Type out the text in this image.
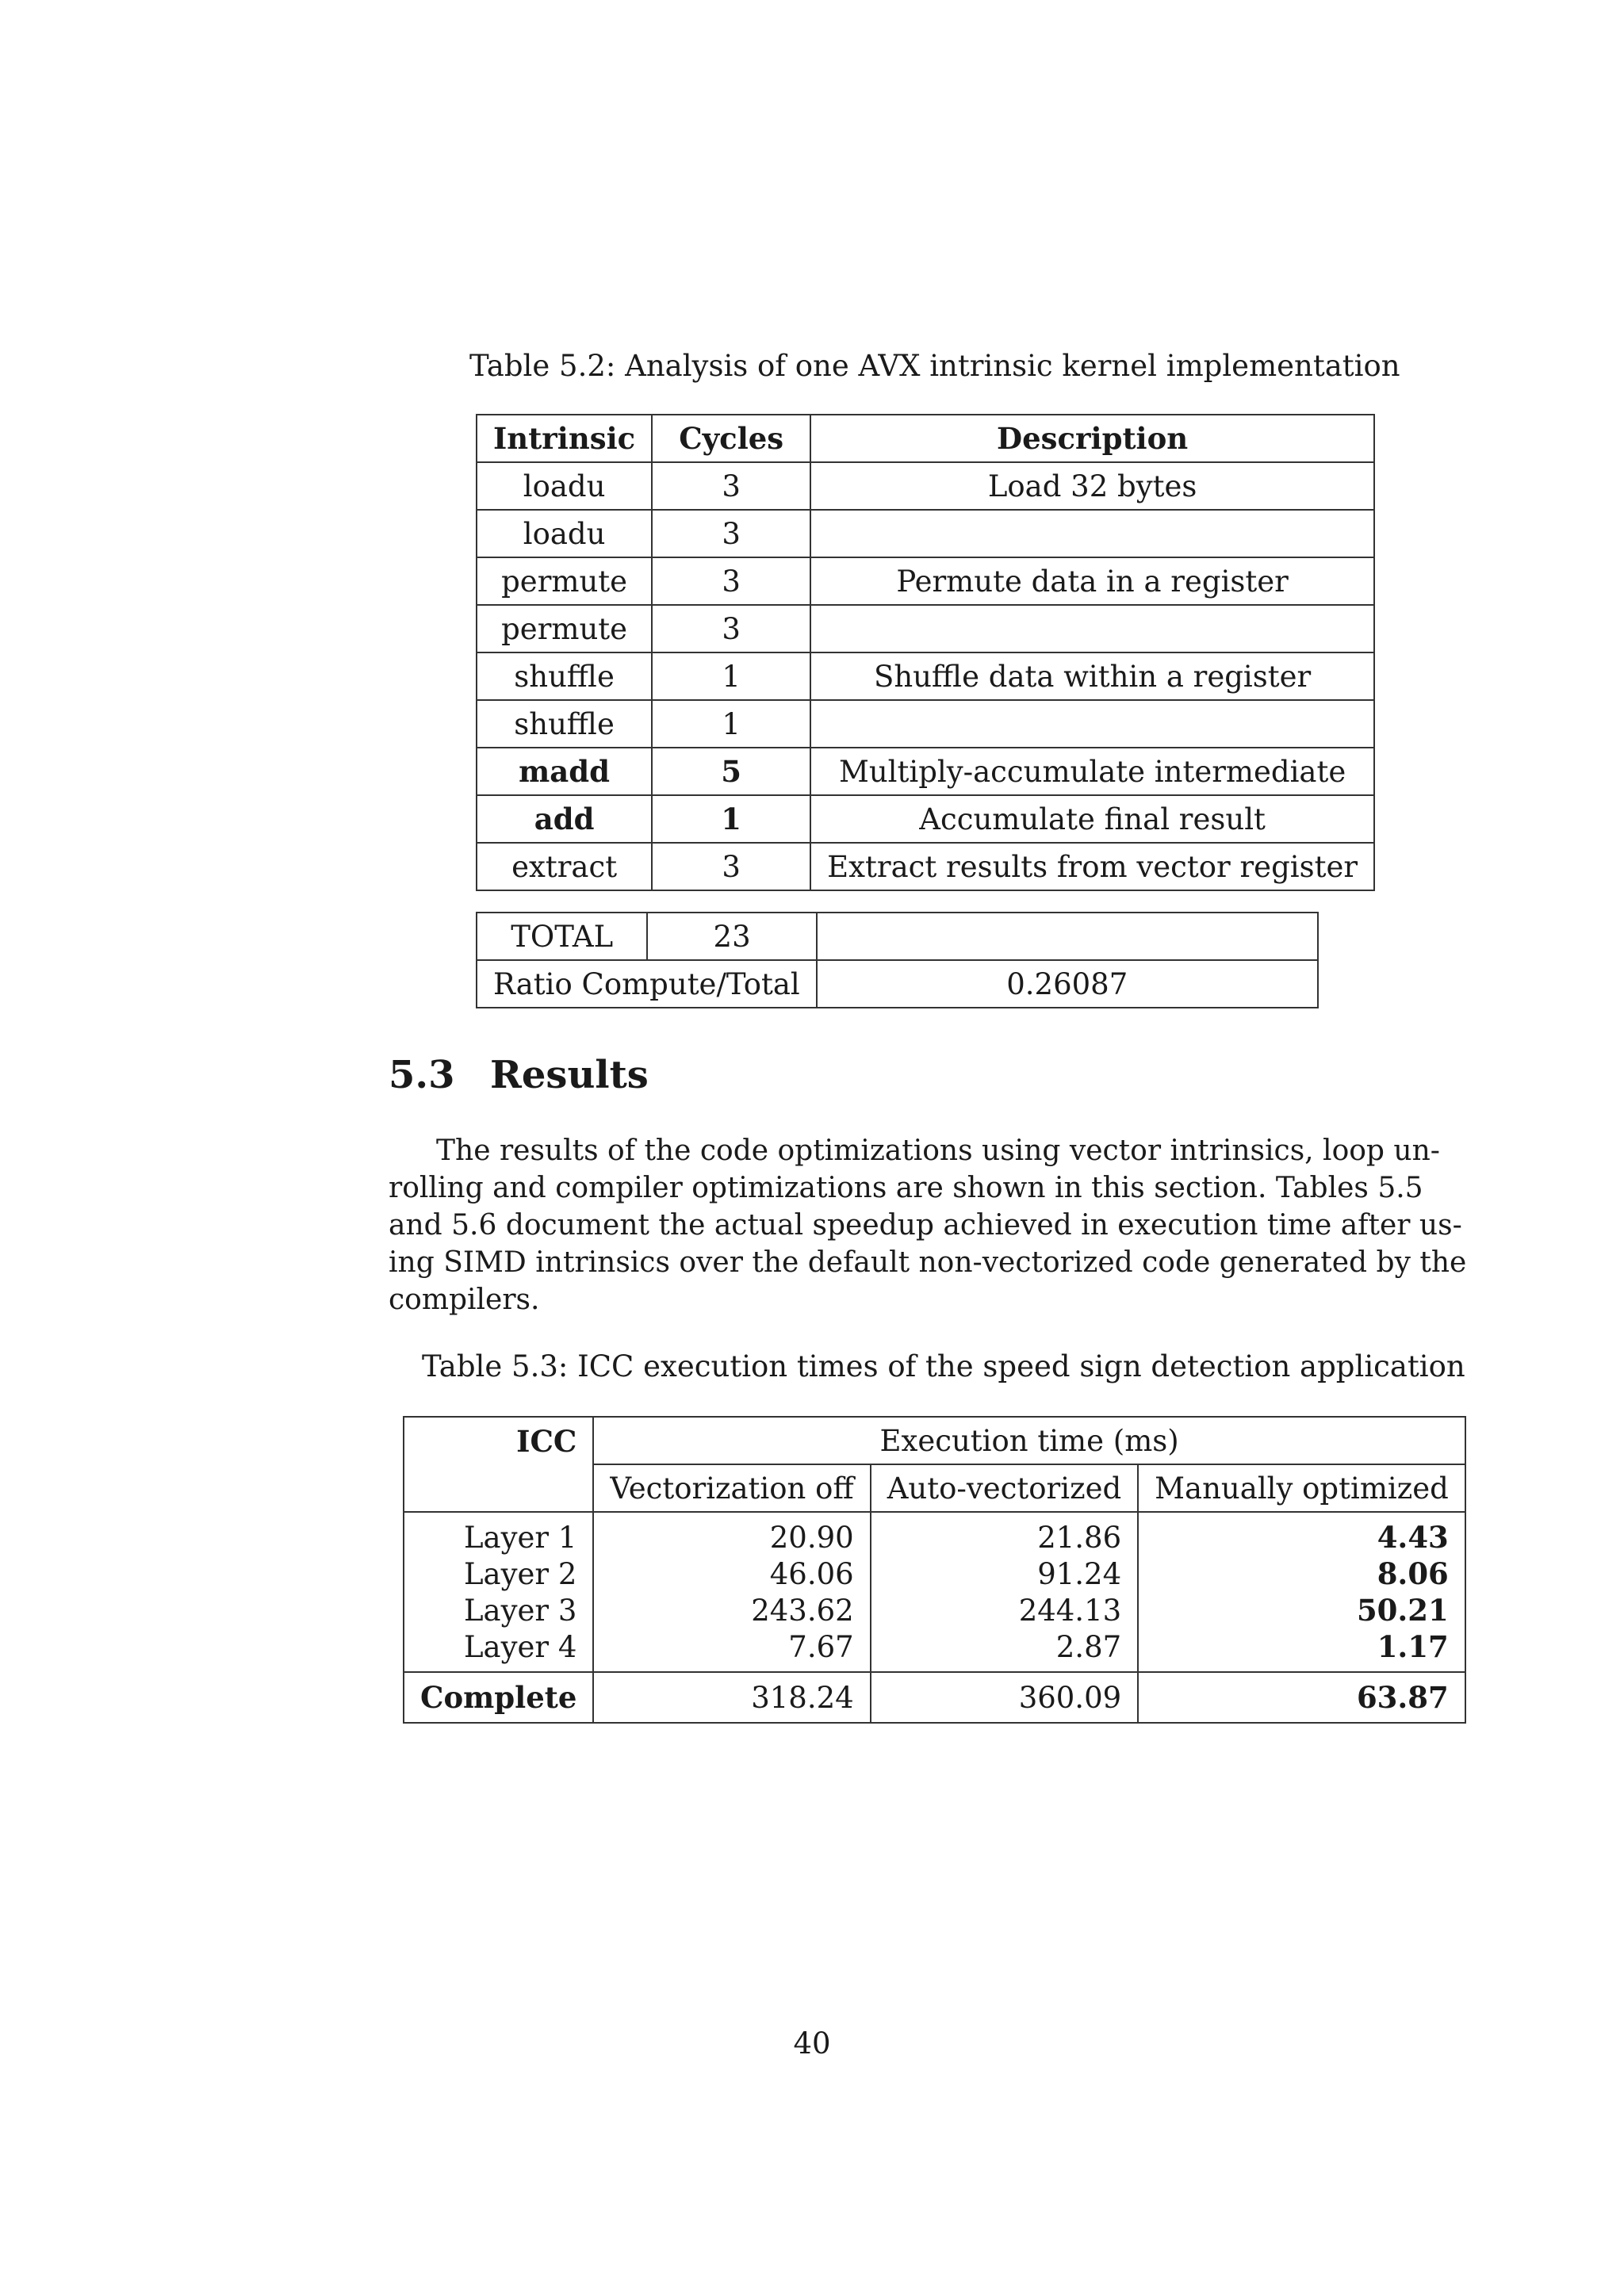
Table 5.2: Analysis of one AVX intrinsic kernel implementation
Intrinsic	Cycles	Description
loadu	3	Load 32 bytes
loadu	3	
permute	3	Permute data in a register
permute	3	
shuffle	1	Shuffle data within a register
shuffle	1	
madd	5	Multiply-accumulate intermediate
add	1	Accumulate final result
extract	3	Extract results from vector register
TOTAL	23	
Ratio Compute/Total		0.26087
5.3 Results
The results of the code optimizations using vector intrinsics, loop un-
rolling and compiler optimizations are shown in this section. Tables 5.5
and 5.6 document the actual speedup achieved in execution time after us-
ing SIMD intrinsics over the default non-vectorized code generated by the
compilers.
Table 5.3: ICC execution times of the speed sign detection application
ICC	Execution time (ms)		
	Vectorization off	Auto-vectorized	Manually optimized
Layer 1	20.90	21.86	4.43
Layer 2	46.06	91.24	8.06
Layer 3	243.62	244.13	50.21
Layer 4	7.67	2.87	1.17
Complete	318.24	360.09	63.87
40
